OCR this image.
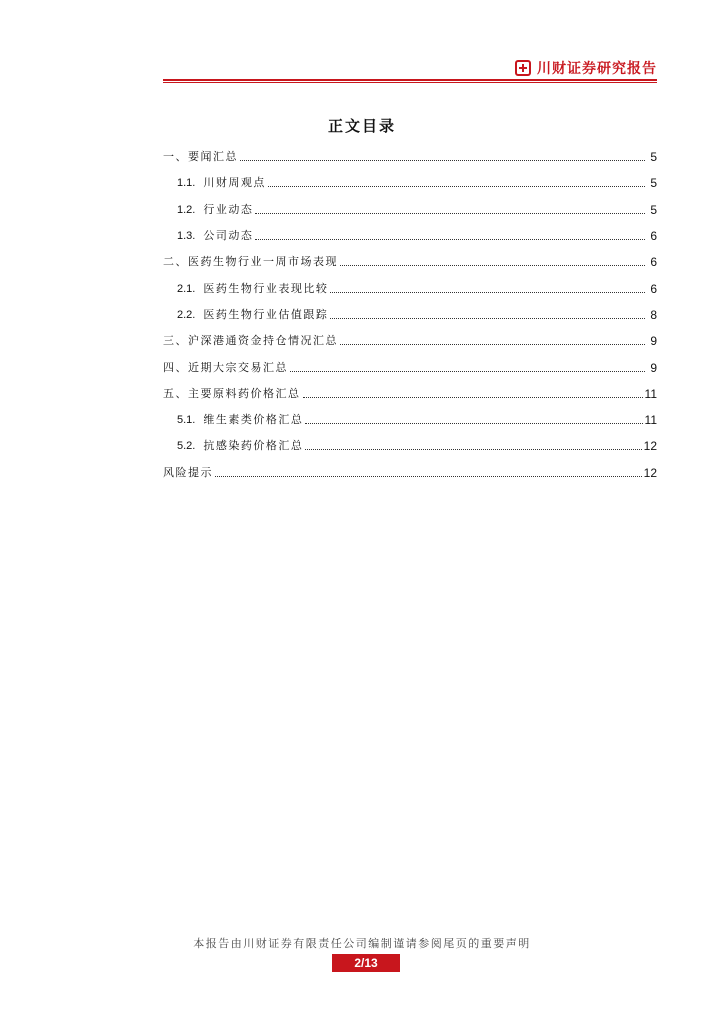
川财证券研究报告
正文目录
一、要闻汇总	5
1.1. 川财周观点	5
1.2. 行业动态	5
1.3. 公司动态	6
二、医药生物行业一周市场表现	6
2.1. 医药生物行业表现比较	6
2.2. 医药生物行业估值跟踪	8
三、沪深港通资金持仓情况汇总	9
四、近期大宗交易汇总	9
五、主要原料药价格汇总	11
5.1. 维生素类价格汇总	11
5.2. 抗感染药价格汇总	12
风险提示	12
本报告由川财证券有限责任公司编制谨请参阅尾页的重要声明
2/13
